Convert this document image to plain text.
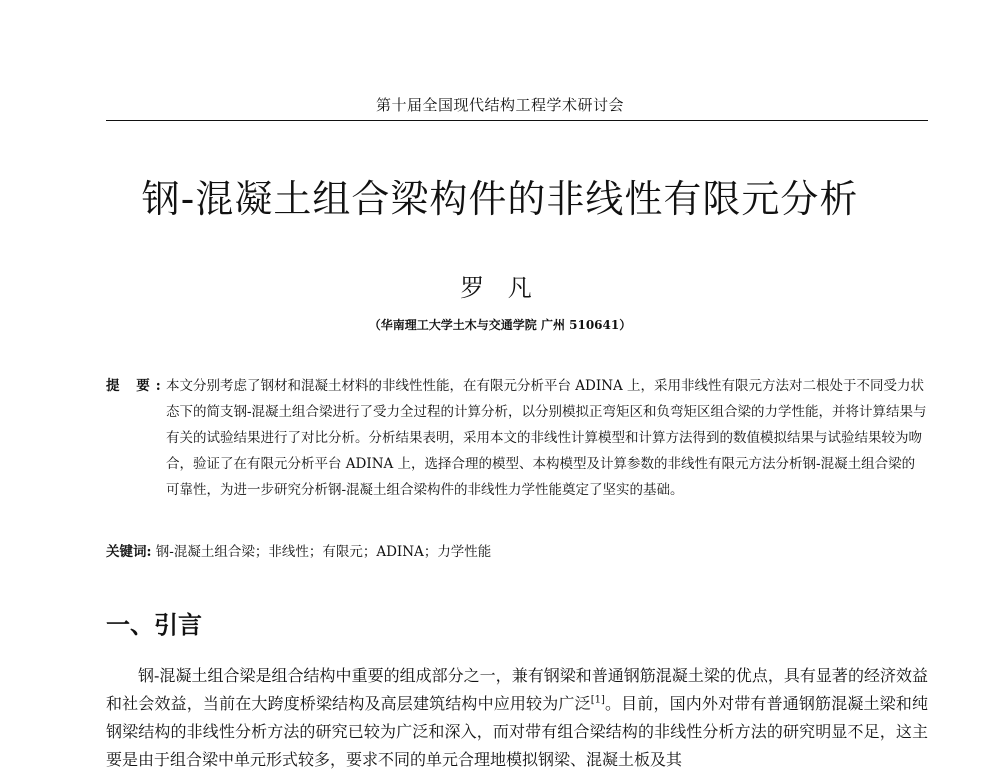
第十届全国现代结构工程学术研讨会
钢-混凝土组合梁构件的非线性有限元分析
罗 凡
（华南理工大学土木与交通学院 广州 510641）
提 要: 本文分别考虑了钢材和混凝土材料的非线性性能，在有限元分析平台 ADINA 上，采用非线性有限元方法对二根处于不同受力状态下的简支钢-混凝土组合梁进行了受力全过程的计算分析，以分别模拟正弯矩区和负弯矩区组合梁的力学性能，并将计算结果与有关的试验结果进行了对比分析。分析结果表明，采用本文的非线性计算模型和计算方法得到的数值模拟结果与试验结果较为吻合，验证了在有限元分析平台 ADINA 上，选择合理的模型、本构模型及计算参数的非线性有限元方法分析钢-混凝土组合梁的可靠性，为进一步研究分析钢-混凝土组合梁构件的非线性力学性能奠定了坚实的基础。
关键词: 钢-混凝土组合梁；非线性；有限元；ADINA；力学性能
一、引言
钢-混凝土组合梁是组合结构中重要的组成部分之一，兼有钢梁和普通钢筋混凝土梁的优点，具有显著的经济效益和社会效益，当前在大跨度桥梁结构及高层建筑结构中应用较为广泛[1]。目前，国内外对带有普通钢筋混凝土梁和纯钢梁结构的非线性分析方法的研究已较为广泛和深入，而对带有组合梁结构的非线性分析方法的研究明显不足，这主要是由于组合梁中单元形式较多，要求不同的单元合理地模拟钢梁、混凝土板及其
